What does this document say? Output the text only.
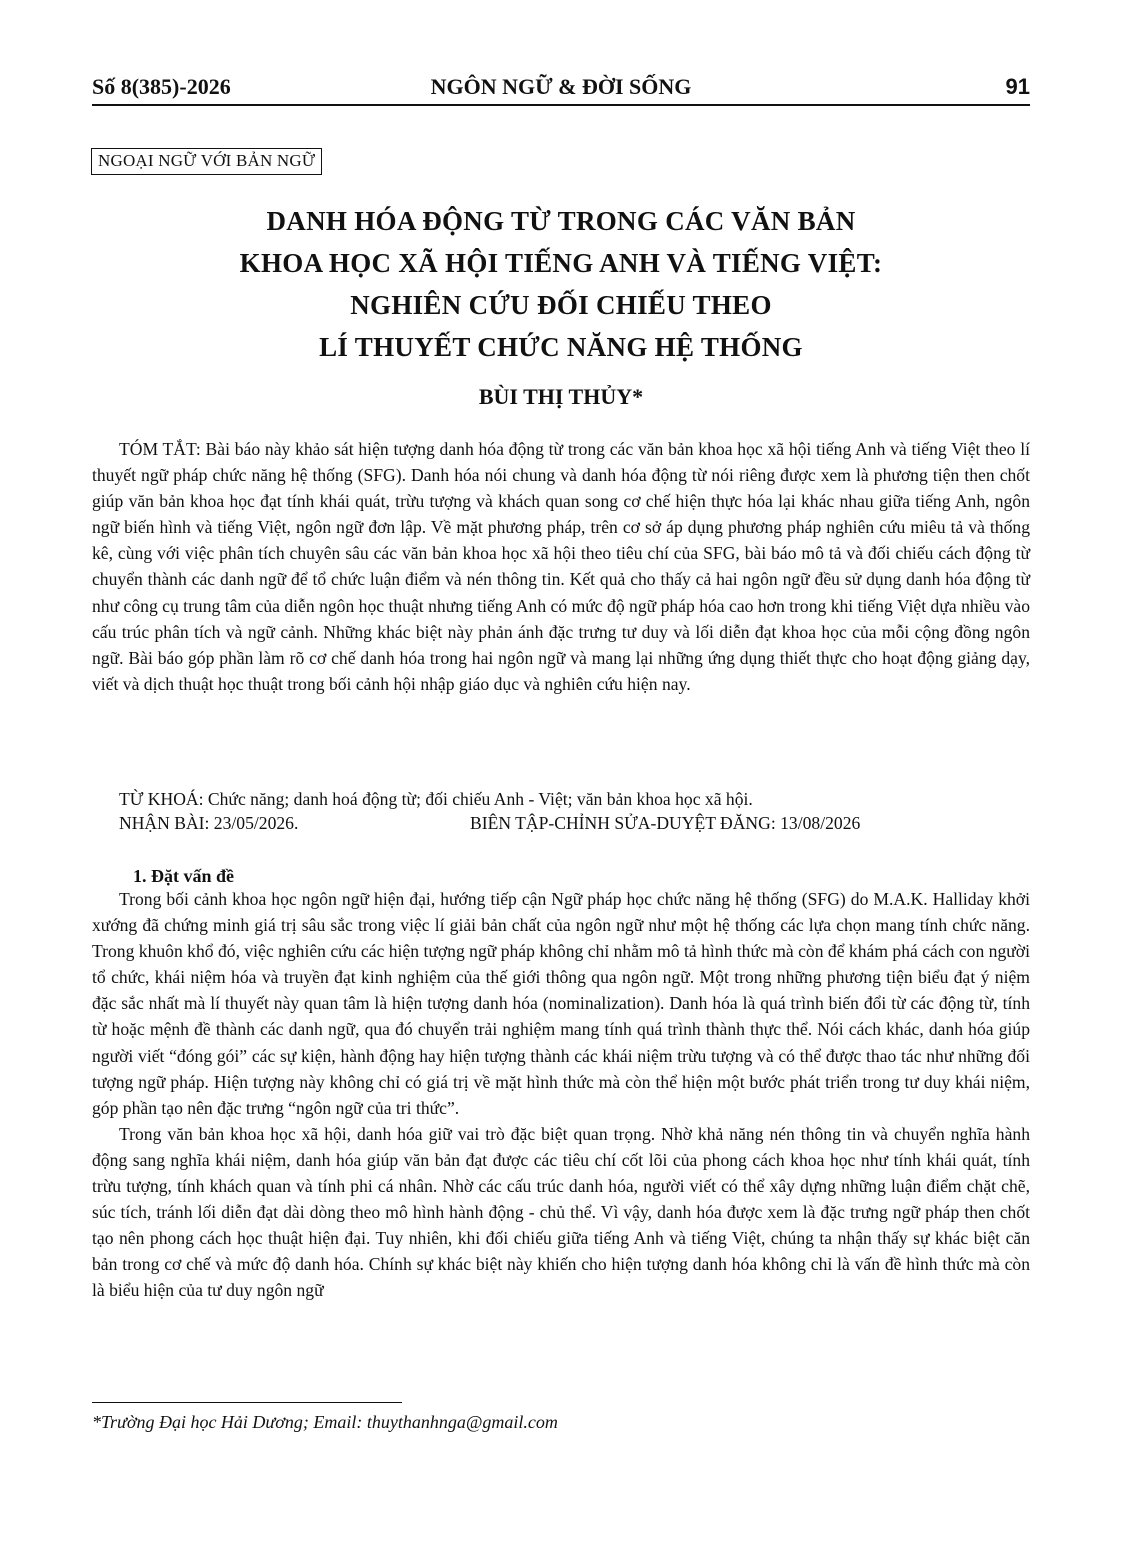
Số 8(385)-2026	NGÔN NGỮ & ĐỜI SỐNG	91
NGOẠI NGỮ VỚI BẢN NGỮ
DANH HÓA ĐỘNG TỪ TRONG CÁC VĂN BẢN
KHOA HỌC XÃ HỘI TIẾNG ANH VÀ TIẾNG VIỆT:
NGHIÊN CỨU ĐỐI CHIẾU THEO
LÍ THUYẾT CHỨC NĂNG HỆ THỐNG
BÙI THỊ THỦY*

TÓM TẮT: Bài báo này khảo sát hiện tượng danh hóa động từ trong các văn bản khoa học xã hội tiếng Anh và tiếng Việt theo lí thuyết ngữ pháp chức năng hệ thống (SFG). Danh hóa nói chung và danh hóa động từ nói riêng được xem là phương tiện then chốt giúp văn bản khoa học đạt tính khái quát, trừu tượng và khách quan song cơ chế hiện thực hóa lại khác nhau giữa tiếng Anh, ngôn ngữ biến hình và tiếng Việt, ngôn ngữ đơn lập. Về mặt phương pháp, trên cơ sở áp dụng phương pháp nghiên cứu miêu tả và thống kê, cùng với việc phân tích chuyên sâu các văn bản khoa học xã hội theo tiêu chí của SFG, bài báo mô tả và đối chiếu cách động từ chuyển thành các danh ngữ để tổ chức luận điểm và nén thông tin. Kết quả cho thấy cả hai ngôn ngữ đều sử dụng danh hóa động từ như công cụ trung tâm của diễn ngôn học thuật nhưng tiếng Anh có mức độ ngữ pháp hóa cao hơn trong khi tiếng Việt dựa nhiều vào cấu trúc phân tích và ngữ cảnh. Những khác biệt này phản ánh đặc trưng tư duy và lối diễn đạt khoa học của mỗi cộng đồng ngôn ngữ. Bài báo góp phần làm rõ cơ chế danh hóa trong hai ngôn ngữ và mang lại những ứng dụng thiết thực cho hoạt động giảng dạy, viết và dịch thuật học thuật trong bối cảnh hội nhập giáo dục và nghiên cứu hiện nay.

TỪ KHOÁ: Chức năng; danh hoá động từ; đối chiếu Anh - Việt; văn bản khoa học xã hội.
NHẬN BÀI: 23/05/2026.	BIÊN TẬP-CHỈNH SỬA-DUYỆT ĐĂNG: 13/08/2026
1. Đặt vấn đề

Trong bối cảnh khoa học ngôn ngữ hiện đại, hướng tiếp cận Ngữ pháp học chức năng hệ thống (SFG) do M.A.K. Halliday khởi xướng đã chứng minh giá trị sâu sắc trong việc lí giải bản chất của ngôn ngữ như một hệ thống các lựa chọn mang tính chức năng. Trong khuôn khổ đó, việc nghiên cứu các hiện tượng ngữ pháp không chỉ nhằm mô tả hình thức mà còn để khám phá cách con người tổ chức, khái niệm hóa và truyền đạt kinh nghiệm của thế giới thông qua ngôn ngữ. Một trong những phương tiện biểu đạt ý niệm đặc sắc nhất mà lí thuyết này quan tâm là hiện tượng danh hóa (nominalization). Danh hóa là quá trình biến đổi từ các động từ, tính từ hoặc mệnh đề thành các danh ngữ, qua đó chuyển trải nghiệm mang tính quá trình thành thực thể. Nói cách khác, danh hóa giúp người viết “đóng gói” các sự kiện, hành động hay hiện tượng thành các khái niệm trừu tượng và có thể được thao tác như những đối tượng ngữ pháp. Hiện tượng này không chỉ có giá trị về mặt hình thức mà còn thể hiện một bước phát triển trong tư duy khái niệm, góp phần tạo nên đặc trưng “ngôn ngữ của tri thức”.

Trong văn bản khoa học xã hội, danh hóa giữ vai trò đặc biệt quan trọng. Nhờ khả năng nén thông tin và chuyển nghĩa hành động sang nghĩa khái niệm, danh hóa giúp văn bản đạt được các tiêu chí cốt lõi của phong cách khoa học như tính khái quát, tính trừu tượng, tính khách quan và tính phi cá nhân. Nhờ các cấu trúc danh hóa, người viết có thể xây dựng những luận điểm chặt chẽ, súc tích, tránh lối diễn đạt dài dòng theo mô hình hành động - chủ thể. Vì vậy, danh hóa được xem là đặc trưng ngữ pháp then chốt tạo nên phong cách học thuật hiện đại. Tuy nhiên, khi đối chiếu giữa tiếng Anh và tiếng Việt, chúng ta nhận thấy sự khác biệt căn bản trong cơ chế và mức độ danh hóa. Chính sự khác biệt này khiến cho hiện tượng danh hóa không chỉ là vấn đề hình thức mà còn là biểu hiện của tư duy ngôn ngữ

*Trường Đại học Hải Dương; Email: thuythanhnga@gmail.com
